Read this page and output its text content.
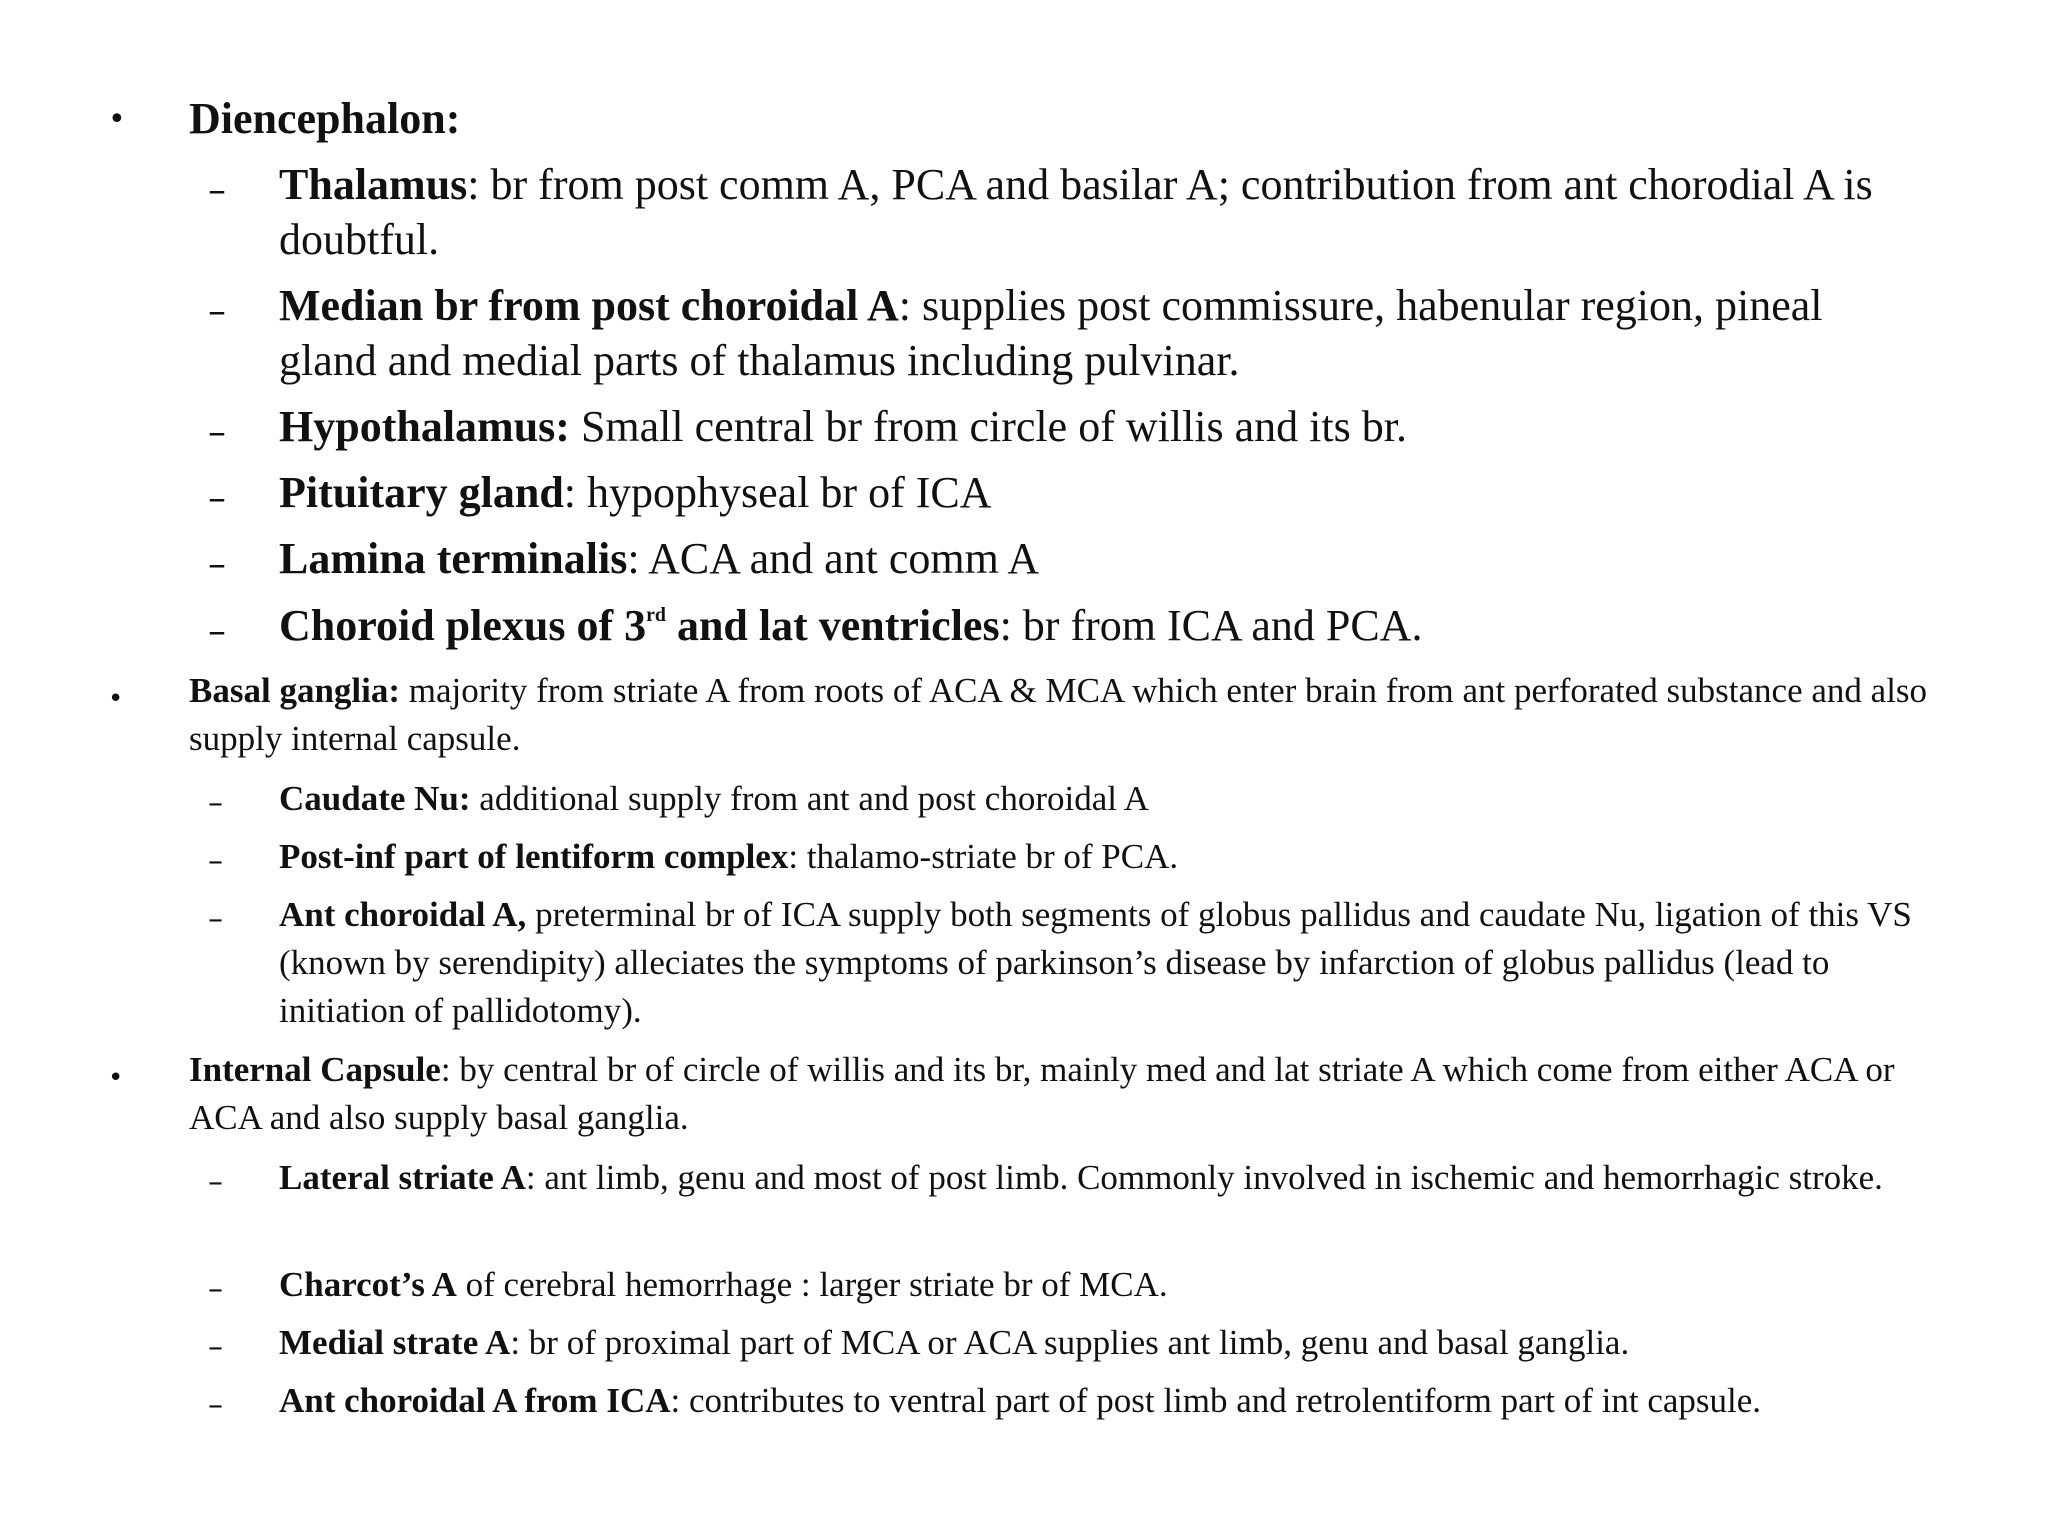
• Diencephalon:

– Thalamus: br from post comm A, PCA and basilar A; contribution from ant chorodial A is doubtful.

– Median br from post choroidal A: supplies post commissure, habenular region, pineal gland and medial parts of thalamus including pulvinar.

– Hypothalamus: Small central br from circle of willis and its br.

– Pituitary gland: hypophyseal br of ICA

– Lamina terminalis: ACA and ant comm A

– Choroid plexus of 3rd and lat ventricles: br from ICA and PCA.

• Basal ganglia: majority from striate A from roots of ACA & MCA which enter brain from ant perforated substance and also supply internal capsule.

– Caudate Nu: additional supply from ant and post choroidal A

– Post-inf part of lentiform complex: thalamo-striate br of PCA.

– Ant choroidal A, preterminal br of ICA supply both segments of globus pallidus and caudate Nu, ligation of this VS (known by serendipity) alleciates the symptoms of parkinson’s disease by infarction of globus pallidus (lead to initiation of pallidotomy).

• Internal Capsule: by central br of circle of willis and its br, mainly med and lat striate A which come from either ACA or ACA and also supply basal ganglia.

– Lateral striate A: ant limb, genu and most of post limb. Commonly involved in ischemic and hemorrhagic stroke.

– Charcot’s A of cerebral hemorrhage : larger striate br of MCA.

– Medial strate A: br of proximal part of MCA or ACA supplies ant limb, genu and basal ganglia.

– Ant choroidal A from ICA: contributes to ventral part of post limb and retrolentiform part of int capsule.
